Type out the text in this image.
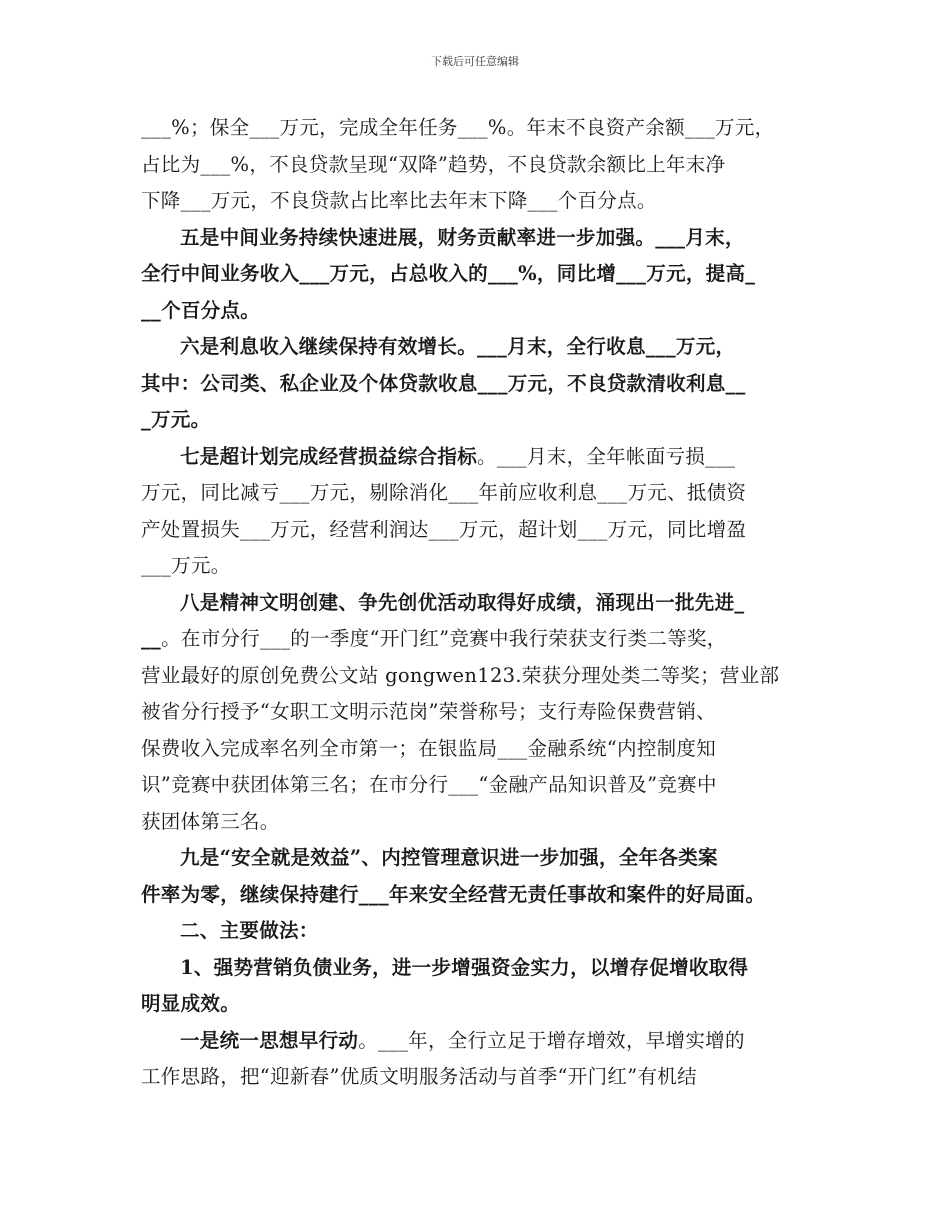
下载后可任意编辑
___%；保全___万元，完成全年任务___%。年末不良资产余额___万元，
占比为___%，不良贷款呈现“双降”趋势，不良贷款余额比上年末净
下降___万元，不良贷款占比率比去年末下降___个百分点。
五是中间业务持续快速进展，财务贡献率进一步加强。___月末，
全行中间业务收入___万元，占总收入的___%，同比增___万元，提高_
__个百分点。
六是利息收入继续保持有效增长。___月末，全行收息___万元，
其中：公司类、私企业及个体贷款收息___万元，不良贷款清收利息__
_万元。
七是超计划完成经营损益综合指标。___月末，全年帐面亏损___
万元，同比减亏___万元，剔除消化___年前应收利息___万元、抵债资
产处置损失___万元，经营利润达___万元，超计划___万元，同比增盈
___万元。
八是精神文明创建、争先创优活动取得好成绩，涌现出一批先进_
__。在市分行___的一季度“开门红”竞赛中我行荣获支行类二等奖，
营业最好的原创免费公文站 gongwen123.荣获分理处类二等奖；营业部
被省分行授予“女职工文明示范岗”荣誉称号；支行寿险保费营销、
保费收入完成率名列全市第一；在银监局___金融系统“内控制度知
识”竞赛中获团体第三名；在市分行___“金融产品知识普及”竞赛中
获团体第三名。
九是“安全就是效益”、内控管理意识进一步加强，全年各类案
件率为零，继续保持建行___年来安全经营无责任事故和案件的好局面。
二、主要做法：
1、强势营销负债业务，进一步增强资金实力，以增存促增收取得
明显成效。
一是统一思想早行动。___年，全行立足于增存增效，早增实增的
工作思路，把“迎新春”优质文明服务活动与首季“开门红”有机结
